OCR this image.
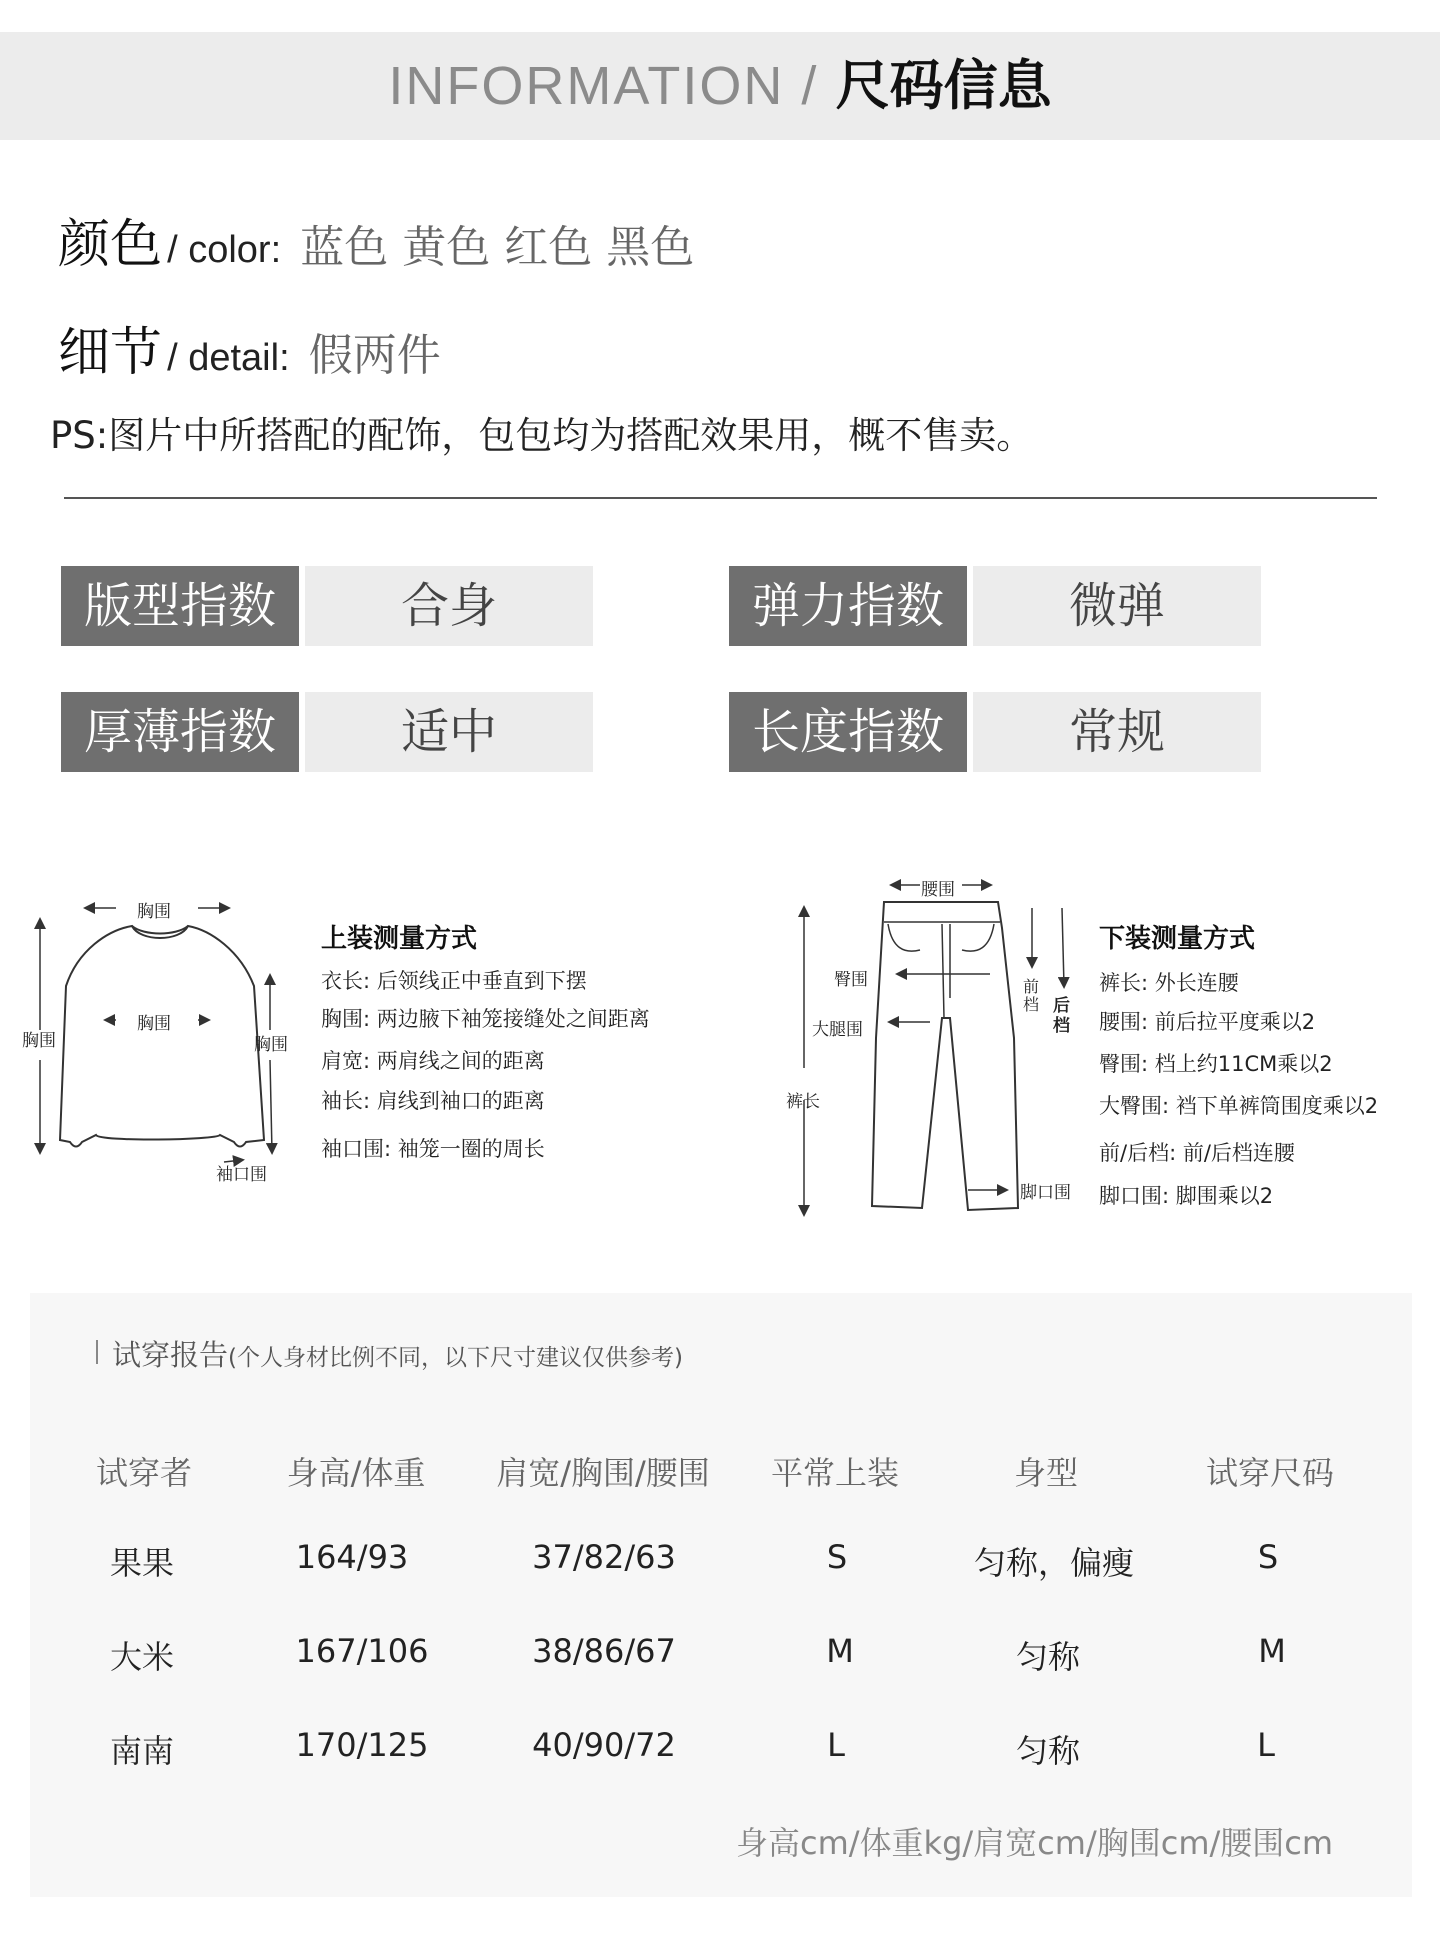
INFORMATION / 尺码信息
颜色 / color: 蓝色 黄色 红色 黑色
细节 / detail: 假两件
PS:图片中所搭配的配饰，包包均为搭配效果用，概不售卖。
版型指数	合身	弹力指数	微弹
厚薄指数	适中	长度指数	常规
胸围
胸围
胸围	胸围
袖口围
上装测量方式
衣长: 后领线正中垂直到下摆
胸围: 两边腋下袖笼接缝处之间距离
肩宽: 两肩线之间的距离
袖长: 肩线到袖口的距离
袖口围: 袖笼一圈的周长
腰围
臀围
大腿围
裤长
前档 后档
脚口围
下装测量方式
裤长: 外长连腰
腰围: 前后拉平度乘以2
臀围: 档上约11CM乘以2
大臀围: 裆下单裤筒围度乘以2
前/后档: 前/后档连腰
脚口围: 脚围乘以2
试穿报告(个人身材比例不同，以下尺寸建议仅供参考)
试穿者	身高/体重	肩宽/胸围/腰围	平常上装	身型	试穿尺码
果果	164/93	37/82/63	S	匀称，偏瘦	S
大米	167/106	38/86/67	M	匀称	M
南南	170/125	40/90/72	L	匀称	L
身高cm/体重kg/肩宽cm/胸围cm/腰围cm
